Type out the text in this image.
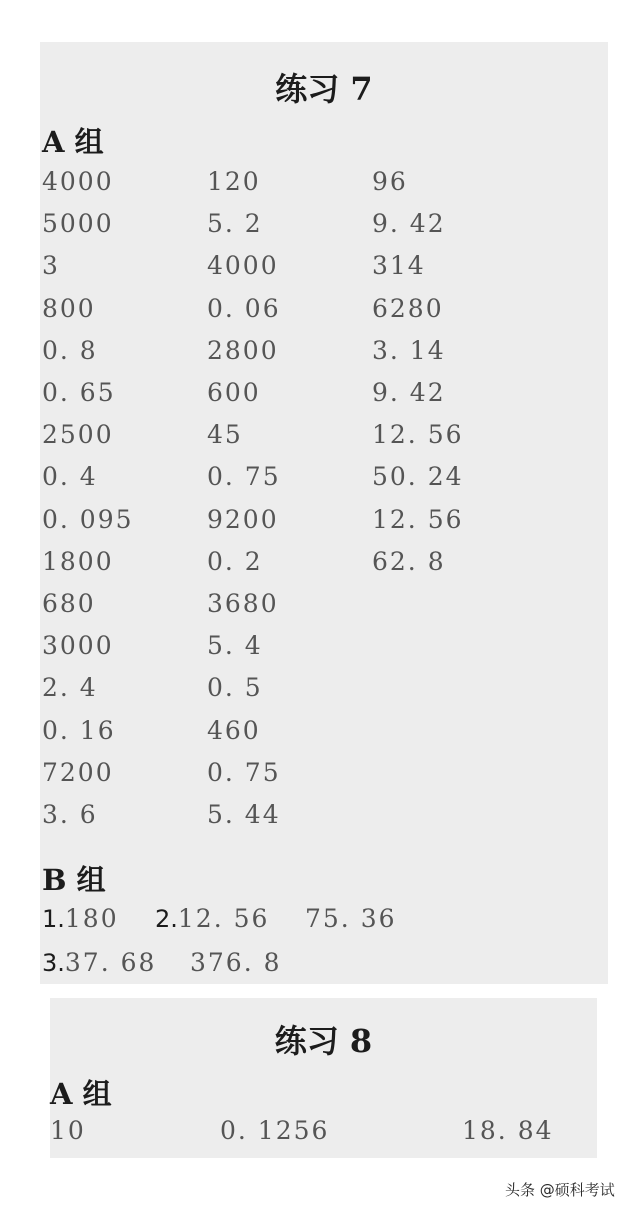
练习 7
A 组
4000
5000
3
800
0. 8
0. 65
2500
0. 4
0. 095
1800
680
3000
2. 4
0. 16
7200
3. 6
120
5. 2
4000
0. 06
2800
600
45
0. 75
9200
0. 2
3680
5. 4
0. 5
460
0. 75
5. 44
96
9. 42
314
6280
3. 14
9. 42
12. 56
50. 24
12. 56
62. 8
B 组
1.180 2.12. 56 75. 36
3.37. 68 376. 8
练习 8
A 组
10	0. 1256	18. 84
头条 @硕科考试
